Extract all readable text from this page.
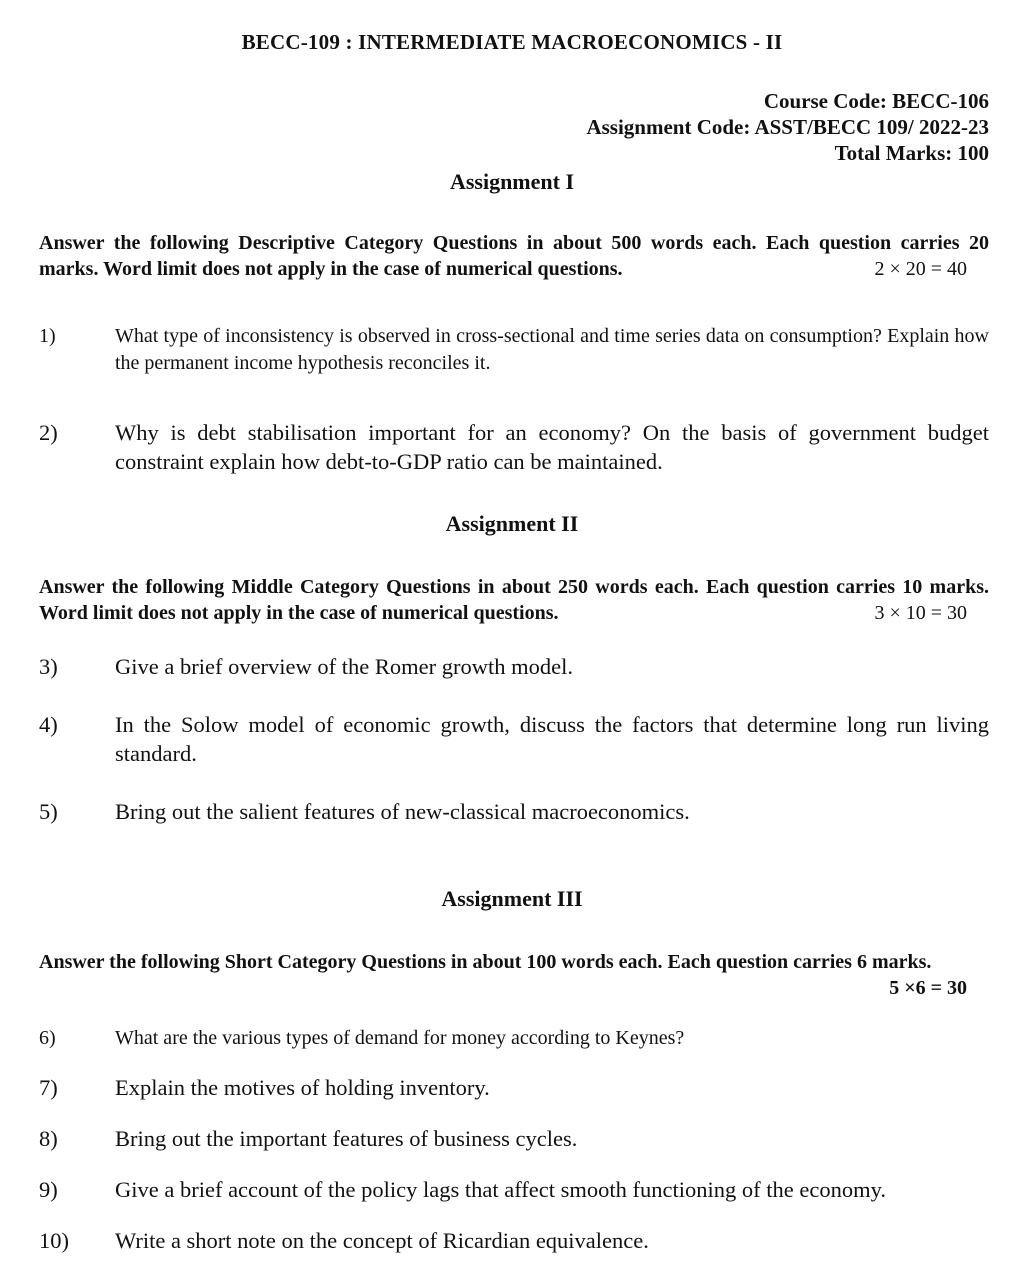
BECC-109 : INTERMEDIATE MACROECONOMICS - II
Course Code: BECC-106
Assignment Code: ASST/BECC 109/ 2022-23
Total Marks: 100
Assignment I
Answer the following Descriptive Category Questions in about 500 words each. Each question carries 20 marks. Word limit does not apply in the case of numerical questions.	2 × 20 = 40
1)	What type of inconsistency is observed in cross-sectional and time series data on consumption? Explain how the permanent income hypothesis reconciles it.
2)	Why is debt stabilisation important for an economy? On the basis of government budget constraint explain how debt-to-GDP ratio can be maintained.
Assignment II
Answer the following Middle Category Questions in about 250 words each. Each question carries 10 marks. Word limit does not apply in the case of numerical questions.	3 × 10 = 30
3)	Give a brief overview of the Romer growth model.
4)	In the Solow model of economic growth, discuss the factors that determine long run living standard.
5)	Bring out the salient features of new-classical macroeconomics.
Assignment III
Answer the following Short Category Questions in about 100 words each. Each question carries 6 marks.
5 ×6 = 30
6)	What are the various types of demand for money according to Keynes?
7)	Explain the motives of holding inventory.
8)	Bring out the important features of business cycles.
9)	Give a brief account of the policy lags that affect smooth functioning of the economy.
10) Write a short note on the concept of Ricardian equivalence.
